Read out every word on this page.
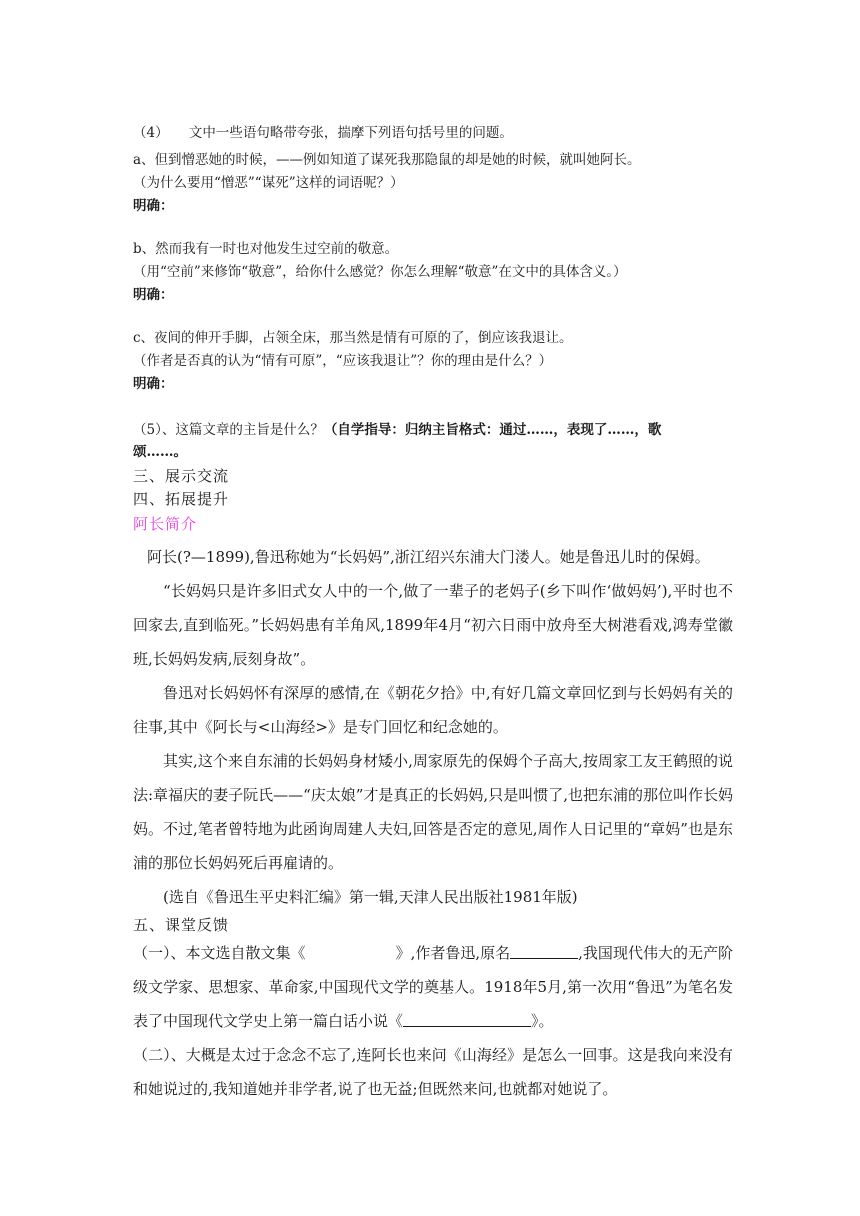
（4）　　文中一些语句略带夸张，揣摩下列语句括号里的问题。
a、但到憎恶她的时候，——例如知道了谋死我那隐鼠的却是她的时候，就叫她阿长。
（为什么要用“憎恶”“谋死”这样的词语呢？）
明确：
b、然而我有一时也对他发生过空前的敬意。
（用“空前”来修饰“敬意”，给你什么感觉？你怎么理解“敬意”在文中的具体含义。）
明确：
c、夜间的伸开手脚，占领全床，那当然是情有可原的了，倒应该我退让。
（作者是否真的认为“情有可原”，“应该我退让”？你的理由是什么？）
明确：
（5）、这篇文章的主旨是什么？（自学指导：归纳主旨格式：通过……，表现了……，歌
颂……。
三、展示交流
四、拓展提升
阿长简介
阿长(?—1899),鲁迅称她为“长妈妈”,浙江绍兴东浦大门溇人。她是鲁迅儿时的保姆。
“长妈妈只是许多旧式女人中的一个,做了一辈子的老妈子(乡下叫作‘做妈妈’),平时也不回家去,直到临死。”长妈妈患有羊角风,1899年4月“初六日雨中放舟至大树港看戏,鸿寿堂徽班,长妈妈发病,辰刻身故”。
鲁迅对长妈妈怀有深厚的感情,在《朝花夕拾》中,有好几篇文章回忆到与长妈妈有关的往事,其中《阿长与<山海经>》是专门回忆和纪念她的。
其实,这个来自东浦的长妈妈身材矮小,周家原先的保姆个子高大,按周家工友王鹤照的说法:章福庆的妻子阮氏——“庆太娘”才是真正的长妈妈,只是叫惯了,也把东浦的那位叫作长妈妈。不过,笔者曾特地为此函询周建人夫妇,回答是否定的意见,周作人日记里的“章妈”也是东浦的那位长妈妈死后再雇请的。
(选自《鲁迅生平史料汇编》第一辑,天津人民出版社1981年版)
五、课堂反馈
（一）、本文选自散文集《	》,作者鲁迅,原名	,我国现代伟大的无产阶级文学家、思想家、革命家,中国现代文学的奠基人。1918年5月,第一次用“鲁迅”为笔名发表了中国现代文学史上第一篇白话小说《	》。
（二）、大概是太过于念念不忘了,连阿长也来问《山海经》是怎么一回事。这是我向来没有和她说过的,我知道她并非学者,说了也无益;但既然来问,也就都对她说了。
